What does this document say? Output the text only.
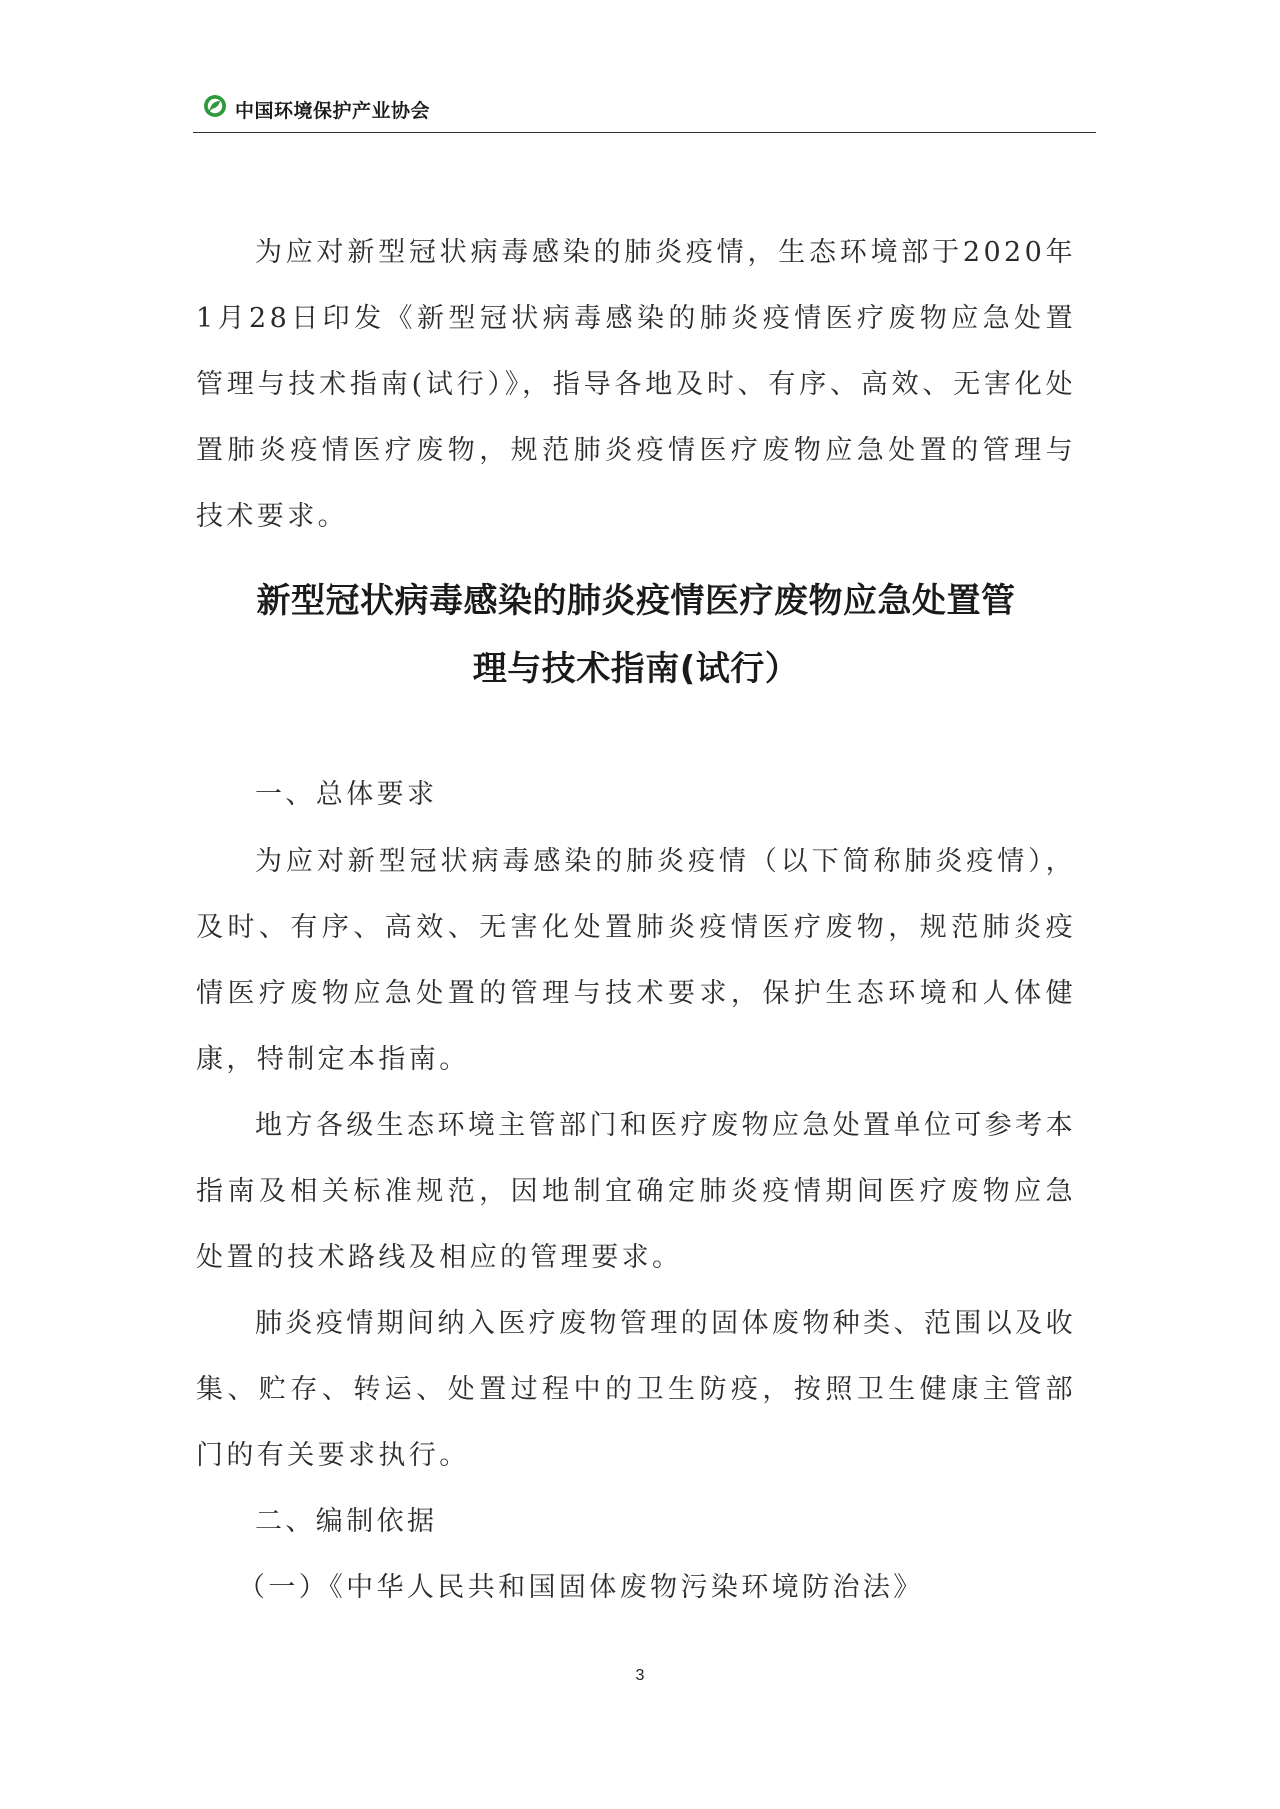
中国环境保护产业协会

为应对新型冠状病毒感染的肺炎疫情，生态环境部于2020年1月28日印发《新型冠状病毒感染的肺炎疫情医疗废物应急处置管理与技术指南(试行）》，指导各地及时、有序、高效、无害化处置肺炎疫情医疗废物，规范肺炎疫情医疗废物应急处置的管理与技术要求。

新型冠状病毒感染的肺炎疫情医疗废物应急处置管
理与技术指南(试行）

一、总体要求

为应对新型冠状病毒感染的肺炎疫情（以下简称肺炎疫情），及时、有序、高效、无害化处置肺炎疫情医疗废物，规范肺炎疫情医疗废物应急处置的管理与技术要求，保护生态环境和人体健康，特制定本指南。

地方各级生态环境主管部门和医疗废物应急处置单位可参考本指南及相关标准规范，因地制宜确定肺炎疫情期间医疗废物应急处置的技术路线及相应的管理要求。

肺炎疫情期间纳入医疗废物管理的固体废物种类、范围以及收集、贮存、转运、处置过程中的卫生防疫，按照卫生健康主管部门的有关要求执行。

二、编制依据

（一）《中华人民共和国固体废物污染环境防治法》

3
